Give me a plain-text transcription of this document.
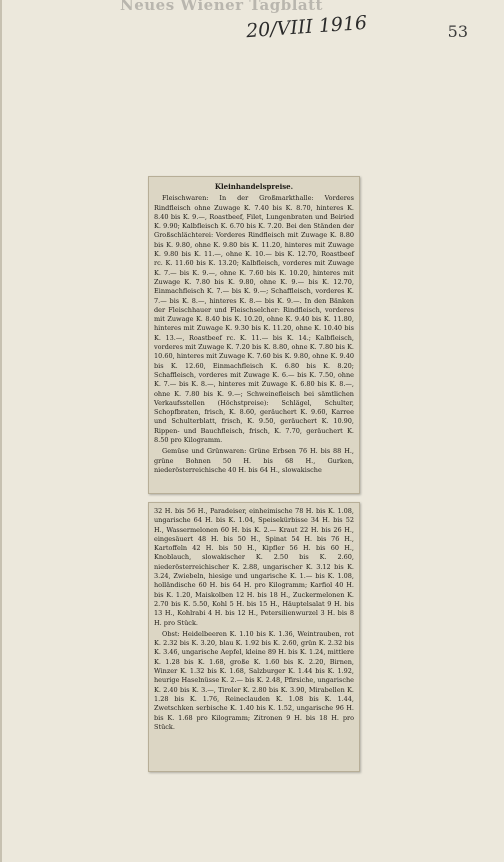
Neues Wiener Tagblatt
20/VIII 1916	53
Kleinhandelspreise.

Fleischwaren: In der Großmarkthalle: Vorderes Rindfleisch ohne Zuwage K. 7.40 bis K. 8.70, hinteres K. 8.40 bis K. 9.—, Roastbeef, Filet, Lungenbraten und Beiried K. 9.90; Kalbfleisch K. 6.70 bis K. 7.20. Bei den Ständen der Großschlächterei: Vorderes Rindfleisch mit Zuwage K. 8.80 bis K. 9.80, ohne K. 9.80 bis K. 11.20, hinteres mit Zuwage K. 9.80 bis K. 11.—, ohne K. 10.— bis K. 12.70, Roastbeef rc. K. 11.60 bis K. 13.20; Kalbfleisch, vorderes mit Zuwage K. 7.— bis K. 9.—, ohne K. 7.60 bis K. 10.20, hinteres mit Zuwage K. 7.80 bis K. 9.80, ohne K. 9.— bis K. 12.70, Einmachfleisch K. 7.— bis K. 9.—; Schaffleisch, vorderes K. 7.— bis K. 8.—, hinteres K. 8.— bis K. 9.—. In den Bänken der Fleischhauer und Fleischselcher: Rindfleisch, vorderes mit Zuwage K. 8.40 bis K. 10.20, ohne K. 9.40 bis K. 11.80, hinteres mit Zuwage K. 9.30 bis K. 11.20, ohne K. 10.40 bis K. 13.—, Roastbeef rc. K. 11.— bis K. 14.; Kalbfleisch, vorderes mit Zuwage K. 7.20 bis K. 8.80, ohne K. 7.80 bis K. 10.60, hinteres mit Zuwage K. 7.60 bis K. 9.80, ohne K. 9.40 bis K. 12.60, Einmachfleisch K. 6.80 bis K. 8.20; Schaffleisch, vorderes mit Zuwage K. 6.— bis K. 7.50, ohne K. 7.— bis K. 8.—, hinteres mit Zuwage K. 6.80 bis K. 8.—, ohne K. 7.80 bis K. 9.—; Schweinefleisch bei sämtlichen Verkaufsstellen (Höchstpreise): Schlägel, Schulter, Schopfbraten, frisch, K. 8.60, geräuchert K. 9.60, Karree und Schulterblatt, frisch, K. 9.50, geräuchert K. 10.90, Rippen- und Bauchfleisch, frisch, K. 7.70, geräuchert K. 8.50 pro Kilogramm.

Gemüse und Grünwaren: Grüne Erbsen 76 H. bis 88 H., grüne Bohnen 50 H. bis 68 H., Gurken, niederösterreichische 40 H. bis 64 H., slowakische

32 H. bis 56 H., Paradeiser, einheimische 78 H. bis K. 1.08, ungarische 64 H. bis K. 1.04, Speisekürbisse 34 H. bis 52 H., Wassermelonen 60 H. bis K. 2.— Kraut 22 H. bis 26 H., eingesäuert 48 H. bis 50 H., Spinat 54 H. bis 76 H., Kartoffeln 42 H. bis 50 H., Kipfler 56 H. bis 60 H., Knoblauch, slowakischer K. 2.50 bis K. 2.60, niederösterreichischer K. 2.88, ungarischer K. 3.12 bis K. 3.24, Zwiebeln, hiesige und ungarische K. 1.— bis K. 1.08, holländische 60 H. bis 64 H. pro Kilogramm; Karfiol 40 H. bis K. 1.20, Maiskolben 12 H. bis 18 H., Zuckermelonen K. 2.70 bis K. 5.50, Kohl 5 H. bis 15 H., Häuptelsalat 9 H. bis 13 H., Kohlrabi 4 H. bis 12 H., Petersilienwurzel 3 H. bis 8 H. pro Stück.

Obst: Heidelbeeren K. 1.10 bis K. 1.36, Weintrauben, rot K. 2.32 bis K. 3.20, blau K. 1.92 bis K. 2.60, grün K. 2.32 bis K. 3.46, ungarische Aepfel, kleine 89 H. bis K. 1.24, mittlere K. 1.28 bis K. 1.68, große K. 1.60 bis K. 2.20, Birnen, Winzer K. 1.32 bis K. 1.68, Salzburger K. 1.44 bis K. 1.92, heurige Haselnüsse K. 2.— bis K. 2.48, Pfirsiche, ungarische K. 2.40 bis K. 3.—, Tiroler K. 2.80 bis K. 3.90, Mirabellen K. 1.28 bis K. 1.76, Reineclauden K. 1.08 bis K. 1.44, Zwetschken serbische K. 1.40 bis K. 1.52, ungarische 96 H. bis K. 1.68 pro Kilogramm; Zitronen 9 H. bis 18 H. pro Stück.
